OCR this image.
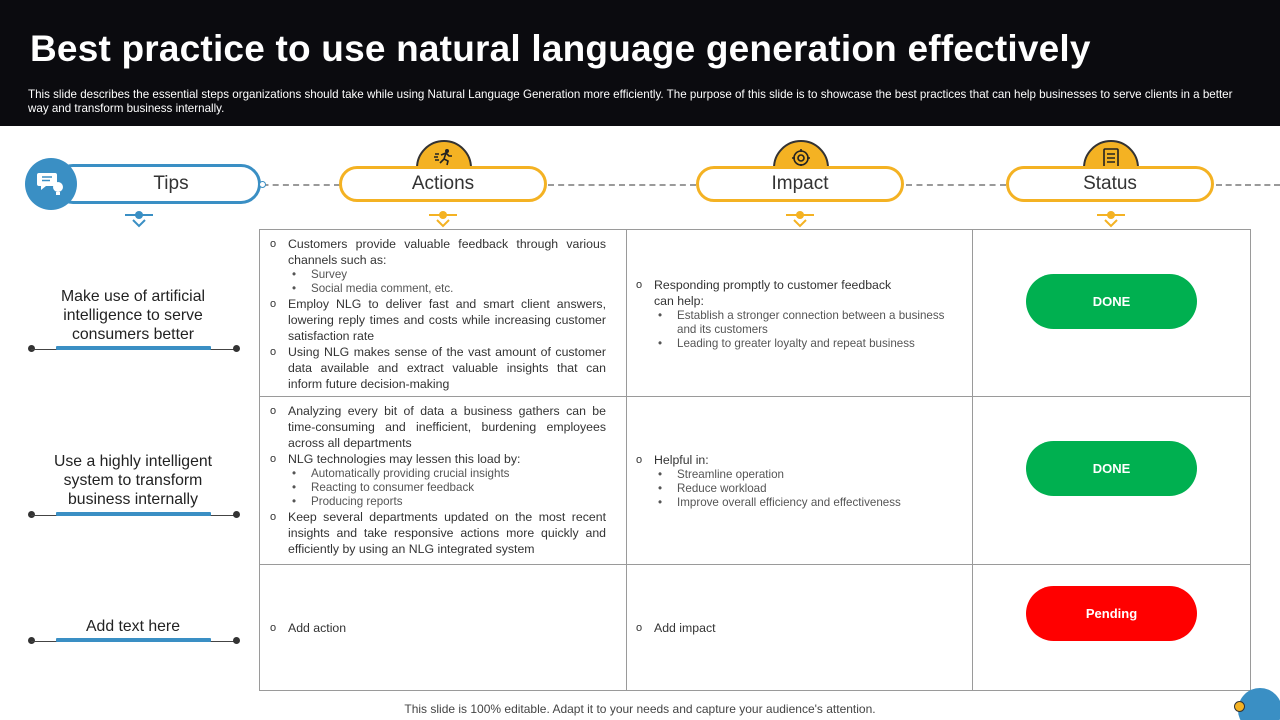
Best practice to use natural language generation effectively
This slide describes the essential steps organizations should take while using Natural Language Generation more efficiently. The purpose of this slide is to showcase the best practices that can help businesses to serve clients in a better way and transform business internally.
Tips	Actions	Impact	Status
Make use of artificial intelligence to serve consumers better
Use a highly intelligent system to transform business internally
Add text here
o Customers provide valuable feedback through various channels such as:
• Survey
• Social media comment, etc.
o Employ NLG to deliver fast and smart client answers, lowering reply times and costs while increasing customer satisfaction rate
o Using NLG makes sense of the vast amount of customer data available and extract valuable insights that can inform future decision-making
o Responding promptly to customer feedback can help:
• Establish a stronger connection between a business and its customers
• Leading to greater loyalty and repeat business
DONE
o Analyzing every bit of data a business gathers can be time-consuming and inefficient, burdening employees across all departments
o NLG technologies may lessen this load by:
• Automatically providing crucial insights
• Reacting to consumer feedback
• Producing reports
o Keep several departments updated on the most recent insights and take responsive actions more quickly and efficiently by using an NLG integrated system
o Helpful in:
• Streamline operation
• Reduce workload
• Improve overall efficiency and effectiveness
DONE
o Add action
o	Add impact
Pending
This slide is 100% editable. Adapt it to your needs and capture your audience's attention.
